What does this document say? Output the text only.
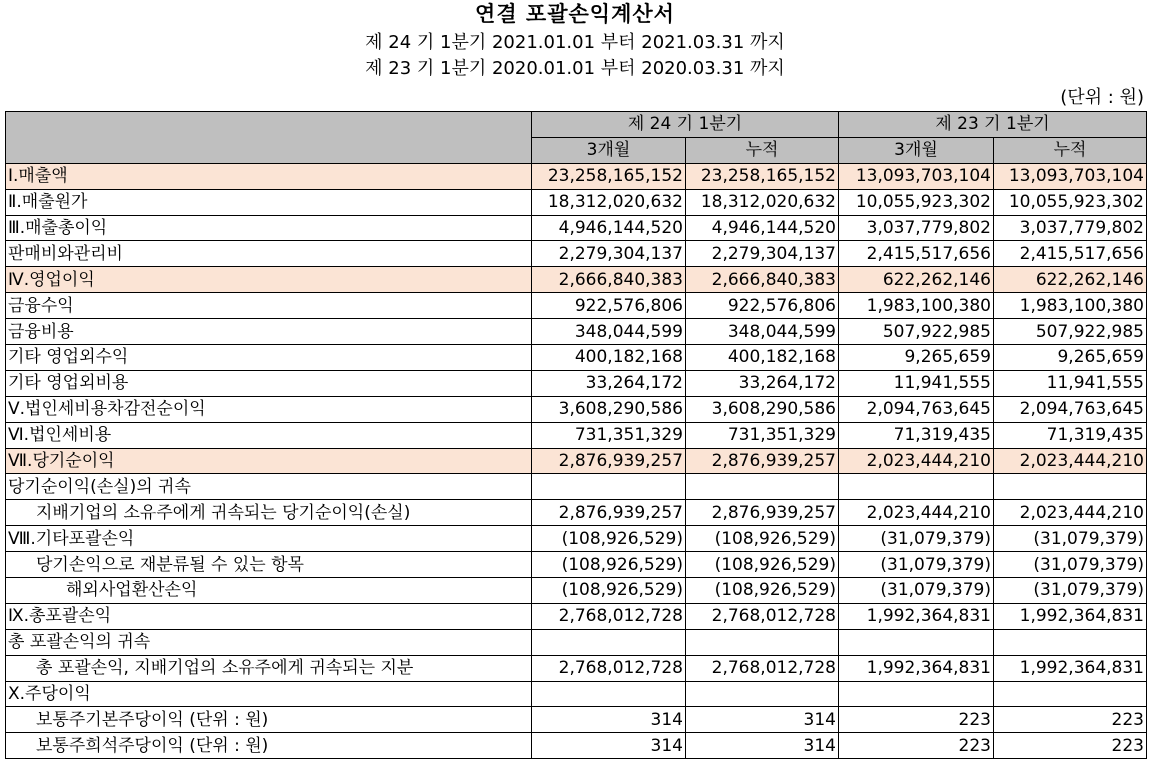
연결 포괄손익계산서
제 24 기 1분기 2021.01.01 부터 2021.03.31 까지
제 23 기 1분기 2020.01.01 부터 2020.03.31 까지
(단위 : 원)
	제 24 기 1분기		제 23 기 1분기	
	3개월	누적	3개월	누적
Ⅰ.매출액	23,258,165,152	23,258,165,152	13,093,703,104	13,093,703,104
Ⅱ.매출원가	18,312,020,632	18,312,020,632	10,055,923,302	10,055,923,302
Ⅲ.매출총이익	4,946,144,520	4,946,144,520	3,037,779,802	3,037,779,802
판매비와관리비	2,279,304,137	2,279,304,137	2,415,517,656	2,415,517,656
Ⅳ.영업이익	2,666,840,383	2,666,840,383	622,262,146	622,262,146
금융수익	922,576,806	922,576,806	1,983,100,380	1,983,100,380
금융비용	348,044,599	348,044,599	507,922,985	507,922,985
기타 영업외수익	400,182,168	400,182,168	9,265,659	9,265,659
기타 영업외비용	33,264,172	33,264,172	11,941,555	11,941,555
Ⅴ.법인세비용차감전순이익	3,608,290,586	3,608,290,586	2,094,763,645	2,094,763,645
Ⅵ.법인세비용	731,351,329	731,351,329	71,319,435	71,319,435
Ⅶ.당기순이익	2,876,939,257	2,876,939,257	2,023,444,210	2,023,444,210
당기순이익(손실)의 귀속				
지배기업의 소유주에게 귀속되는 당기순이익(손실)	2,876,939,257	2,876,939,257	2,023,444,210	2,023,444,210
Ⅷ.기타포괄손익	(108,926,529)	(108,926,529)	(31,079,379)	(31,079,379)
당기손익으로 재분류될 수 있는 항목	(108,926,529)	(108,926,529)	(31,079,379)	(31,079,379)
해외사업환산손익	(108,926,529)	(108,926,529)	(31,079,379)	(31,079,379)
Ⅸ.총포괄손익	2,768,012,728	2,768,012,728	1,992,364,831	1,992,364,831
총 포괄손익의 귀속				
총 포괄손익, 지배기업의 소유주에게 귀속되는 지분	2,768,012,728	2,768,012,728	1,992,364,831	1,992,364,831
Ⅹ.주당이익				
보통주기본주당이익 (단위 : 원)	314	314	223	223
보통주희석주당이익 (단위 : 원)	314	314	223	223
